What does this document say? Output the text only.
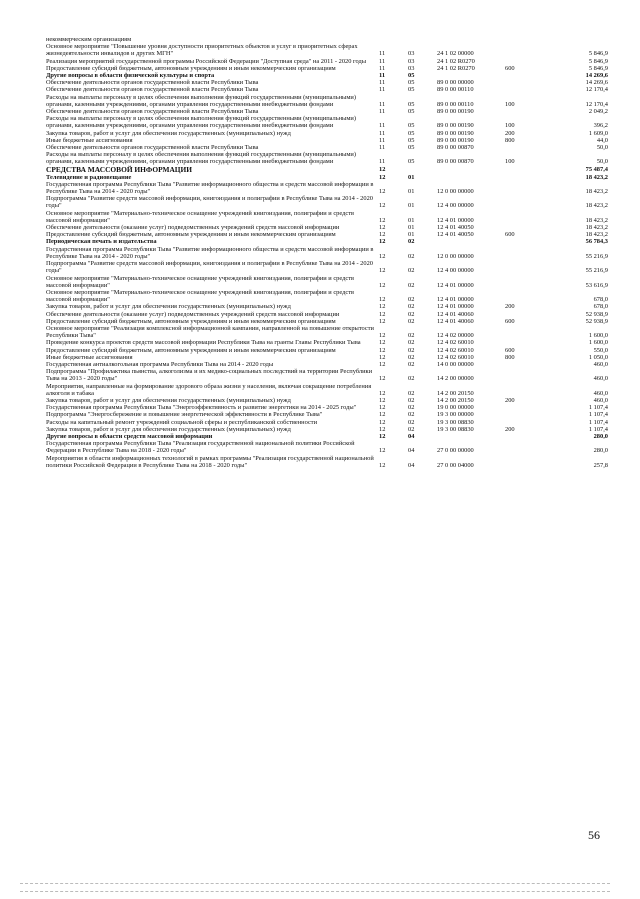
некоммерческим организациям					
Основное мероприятие "Повышение уровня доступности приоритетных объектов и услуг в приоритетных сферах жизнедеятельности инвалидов и других МГН"	11	03	24 1 02 00000		5 846,9
Реализация мероприятий государственной программы Российской Федерации "Доступная среда" на 2011 - 2020 годы	11	03	24 1 02 R0270		5 846,9
Предоставление субсидий бюджетным, автономным учреждениям и иным некоммерческим организациям	11	03	24 1 02 R0270	600	5 846,9
Другие вопросы в области физической культуры и спорта	11	05			14 269,6
Обеспечение деятельности органов государственной власти Республики Тыва	11	05	89 0 00 00000		14 269,6
Обеспечение деятельности органов государственной власти Республики Тыва	11	05	89 0 00 00110		12 170,4
Расходы на выплаты персоналу в целях обеспечения выполнения функций государственными (муниципальными) органами, казенными учреждениями, органами управления государственными внебюджетными фондами	11	05	89 0 00 00110	100	12 170,4
Обеспечение деятельности органов государственной власти Республики Тыва	11	05	89 0 00 00190		2 049,2
Расходы на выплаты персоналу в целях обеспечения выполнения функций государственными (муниципальными) органами, казенными учреждениями, органами управления государственными внебюджетными фондами	11	05	89 0 00 00190	100	396,2
Закупка товаров, работ и услуг для обеспечения государственных (муниципальных) нужд	11	05	89 0 00 00190	200	1 609,0
Иные бюджетные ассигнования	11	05	89 0 00 00190	800	44,0
Обеспечение деятельности органов государственной власти Республики Тыва	11	05	89 0 00 00870		50,0
Расходы на выплаты персоналу в целях обеспечения выполнения функций государственными (муниципальными) органами, казенными учреждениями, органами управления государственными внебюджетными фондами	11	05	89 0 00 00870	100	50,0
СРЕДСТВА МАССОВОЙ ИНФОРМАЦИИ	12				75 487,4
Телевидение и радиовещание	12	01			18 423,2
Государственная программа Республики Тыва "Развитие информационного общества и средств массовой информации в Республике Тыва на 2014 - 2020 годы"	12	01	12 0 00 00000		18 423,2
Подпрограмма "Развитие средств массовой информации, книгоиздания и полиграфии в Республике Тыва на 2014 - 2020 годы"	12	01	12 4 00 00000		18 423,2
Основное мероприятие "Материально-техническое оснащение учреждений книгоиздания, полиграфии и средств массовой информации"	12	01	12 4 01 00000		18 423,2
Обеспечение деятельности (оказание услуг) подведомственных учреждений средств массовой информации	12	01	12 4 01 40050		18 423,2
Предоставление субсидий бюджетным, автономным учреждениям и иным некоммерческим организациям	12	01	12 4 01 40050	600	18 423,2
Периодическая печать и издательства	12	02			56 784,3
Государственная программа Республики Тыва "Развитие информационного общества и средств массовой информации в Республике Тыва на 2014 - 2020 годы"	12	02	12 0 00 00000		55 216,9
Подпрограмма "Развитие средств массовой информации, книгоиздания и полиграфии в Республике Тыва на 2014 - 2020 годы"	12	02	12 4 00 00000		55 216,9
Основное мероприятие "Материально-техническое оснащение учреждений книгоиздания, полиграфии и средств массовой информации"	12	02	12 4 01 00000		53 616,9
Основное мероприятие "Материально-техническое оснащение учреждений книгоиздания, полиграфии и средств массовой информации"	12	02	12 4 01 00000		678,0
Закупка товаров, работ и услуг для обеспечения государственных (муниципальных) нужд	12	02	12 4 01 00000	200	678,0
Обеспечение деятельности (оказание услуг) подведомственных учреждений средств массовой информации	12	02	12 4 01 40060		52 938,9
Предоставление субсидий бюджетным, автономным учреждениям и иным некоммерческим организациям	12	02	12 4 01 40060	600	52 938,9
Основное мероприятие "Реализация комплексной информационной кампании, направленной на повышение открытости Республики Тыва"	12	02	12 4 02 00000		1 600,0
Проведение конкурса проектов средств массовой информации Республики Тыва на гранты Главы Республики Тыва	12	02	12 4 02 60010		1 600,0
Предоставление субсидий бюджетным, автономным учреждениям и иным некоммерческим организациям	12	02	12 4 02 60010	600	550,0
Иные бюджетные ассигнования	12	02	12 4 02 60010	800	1 050,0
Государственная антиалкогольная программа Республики Тыва на 2014 - 2020 годы	12	02	14 0 00 00000		460,0
Подпрограмма "Профилактика пьянства, алкоголизма и их медико-социальных последствий на территории Республики Тыва на 2013 - 2020 годы"	12	02	14 2 00 00000		460,0
Мероприятия, направленные на формирование здорового образа жизни у населения, включая сокращение потребления алкоголя и табака	12	02	14 2 00 20150		460,0
Закупка товаров, работ и услуг для обеспечения государственных (муниципальных) нужд	12	02	14 2 00 20150	200	460,0
Государственная программа Республики Тыва "Энергоэффективность и развитие энергетики на 2014 - 2025 годы"	12	02	19 0 00 00000		1 107,4
Подпрограмма "Энергосбережение и повышение энергетической эффективности в Республике Тыва"	12	02	19 3 00 00000		1 107,4
Расходы на капитальный ремонт учреждений социальной сферы и республиканской собственности	12	02	19 3 00 08830		1 107,4
Закупка товаров, работ и услуг для обеспечения государственных (муниципальных) нужд	12	02	19 3 00 08830	200	1 107,4
Другие вопросы в области средств массовой информации	12	04			280,0
Государственная программа Республики Тыва "Реализация государственной национальной политики Российской Федерации в Республике Тыва на 2018 - 2020 годы"	12	04	27 0 00 00000		280,0
Мероприятия в области информационных технологий в рамках программы "Реализация государственной национальной политики Российской Федерации в Республике Тыва на 2018 - 2020 годы"	12	04	27 0 00 04000		257,8
56
